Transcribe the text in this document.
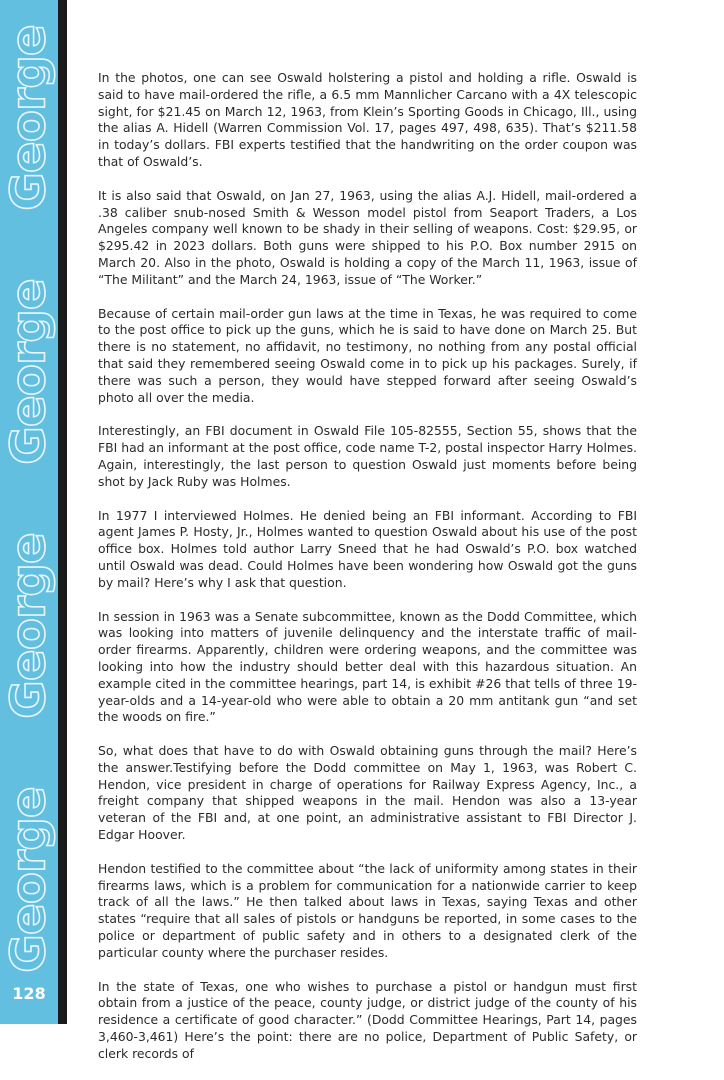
George
George
George
George
128

In the photos, one can see Oswald holstering a pistol and holding a rifle. Oswald is said to have mail-ordered the rifle, a 6.5 mm Mannlicher Carcano with a 4X telescopic sight, for $21.45 on March 12, 1963, from Klein’s Sporting Goods in Chicago, Ill., using the alias A. Hidell (Warren Commission Vol. 17, pages 497, 498, 635). That’s $211.58 in today’s dollars. FBI experts testified that the handwriting on the order coupon was that of Oswald’s.

It is also said that Oswald, on Jan 27, 1963, using the alias A.J. Hidell, mail-ordered a .38 caliber snub-nosed Smith & Wesson model pistol from Seaport Traders, a Los Angeles company well known to be shady in their selling of weapons. Cost: $29.95, or $295.42 in 2023 dollars. Both guns were shipped to his P.O. Box number 2915 on March 20. Also in the photo, Oswald is holding a copy of the March 11, 1963, issue of “The Militant” and the March 24, 1963, issue of “The Worker.”

Because of certain mail-order gun laws at the time in Texas, he was required to come to the post office to pick up the guns, which he is said to have done on March 25. But there is no statement, no affidavit, no testimony, no nothing from any postal official that said they remembered seeing Oswald come in to pick up his packages. Surely, if there was such a person, they would have stepped forward after seeing Oswald’s photo all over the media.

Interestingly, an FBI document in Oswald File 105-82555, Section 55, shows that the FBI had an informant at the post office, code name T-2, postal inspector Harry Holmes. Again, interestingly, the last person to question Oswald just moments before being shot by Jack Ruby was Holmes.

In 1977 I interviewed Holmes. He denied being an FBI informant. According to FBI agent James P. Hosty, Jr., Holmes wanted to question Oswald about his use of the post office box. Holmes told author Larry Sneed that he had Oswald’s P.O. box watched until Oswald was dead. Could Holmes have been wondering how Oswald got the guns by mail? Here’s why I ask that question.

In session in 1963 was a Senate subcommittee, known as the Dodd Committee, which was looking into matters of juvenile delinquency and the interstate traffic of mail-order firearms. Apparently, children were ordering weapons, and the committee was looking into how the industry should better deal with this hazardous situation. An example cited in the committee hearings, part 14, is exhibit #26 that tells of three 19-year-olds and a 14-year-old who were able to obtain a 20 mm antitank gun “and set the woods on fire.”

So, what does that have to do with Oswald obtaining guns through the mail? Here’s the answer.Testifying before the Dodd committee on May 1, 1963, was Robert C. Hendon, vice president in charge of operations for Railway Express Agency, Inc., a freight company that shipped weapons in the mail. Hendon was also a 13-year veteran of the FBI and, at one point, an administrative assistant to FBI Director J. Edgar Hoover.

Hendon testified to the committee about “the lack of uniformity among states in their firearms laws, which is a problem for communication for a nationwide carrier to keep track of all the laws.” He then talked about laws in Texas, saying Texas and other states “require that all sales of pistols or handguns be reported, in some cases to the police or department of public safety and in others to a designated clerk of the particular county where the purchaser resides.

In the state of Texas, one who wishes to purchase a pistol or handgun must first obtain from a justice of the peace, county judge, or district judge of the county of his residence a certificate of good character.” (Dodd Committee Hearings, Part 14, pages 3,460-3,461) Here’s the point: there are no police, Department of Public Safety, or clerk records of
